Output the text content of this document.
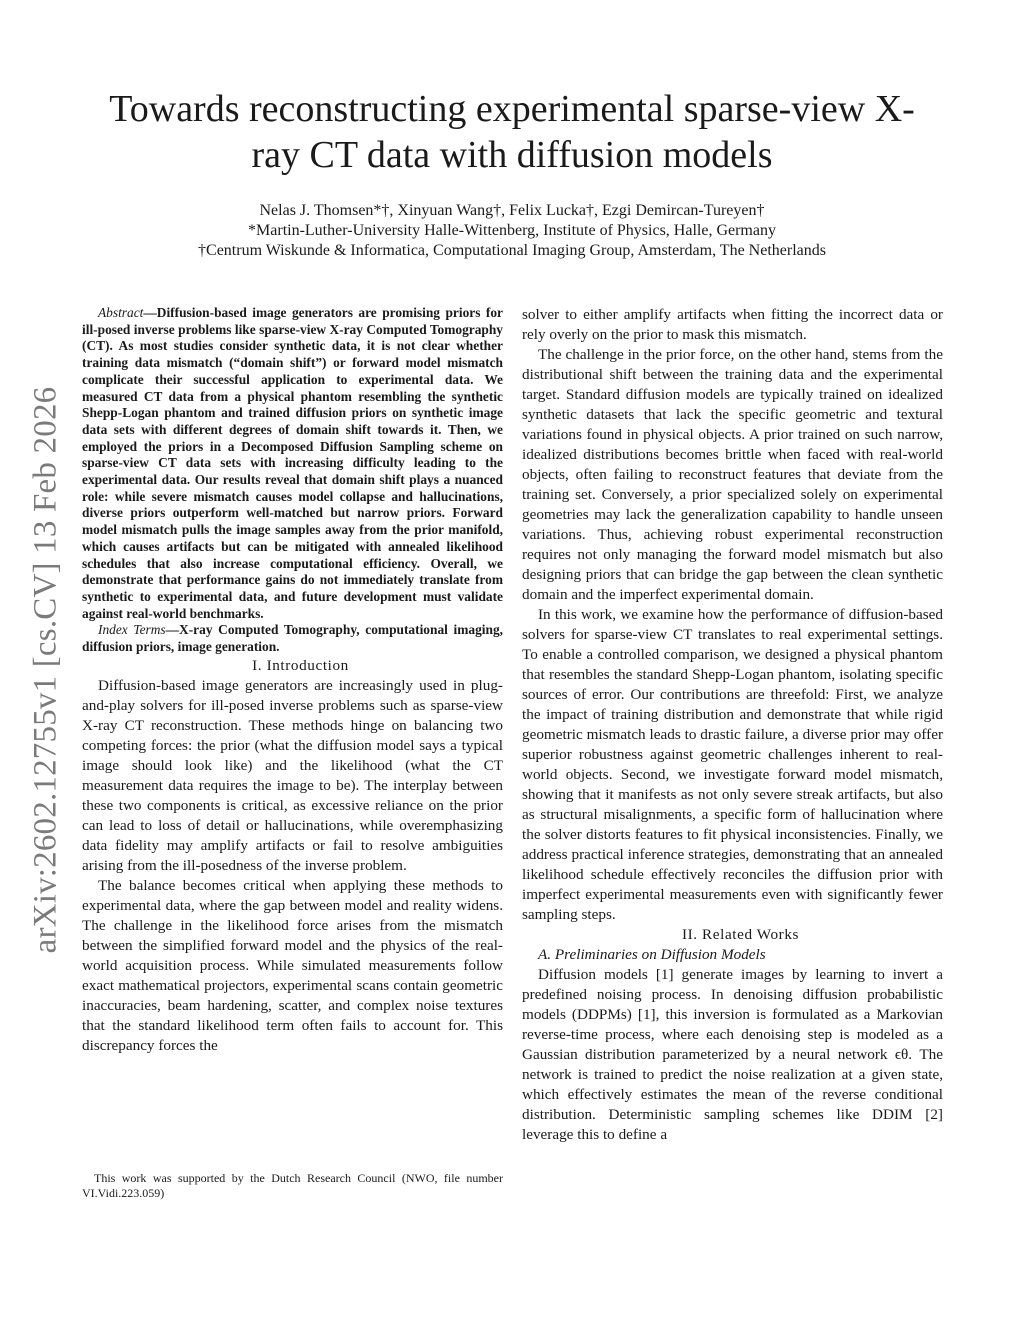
arXiv:2602.12755v1 [cs.CV] 13 Feb 2026
Towards reconstructing experimental sparse-view X-ray CT data with diffusion models
Nelas J. Thomsen*†, Xinyuan Wang†, Felix Lucka†, Ezgi Demircan-Tureyen†
*Martin-Luther-University Halle-Wittenberg, Institute of Physics, Halle, Germany
†Centrum Wiskunde & Informatica, Computational Imaging Group, Amsterdam, The Netherlands

Abstract—Diffusion-based image generators are promising priors for ill-posed inverse problems like sparse-view X-ray Computed Tomography (CT). As most studies consider synthetic data, it is not clear whether training data mismatch (“domain shift”) or forward model mismatch complicate their successful application to experimental data. We measured CT data from a physical phantom resembling the synthetic Shepp-Logan phantom and trained diffusion priors on synthetic image data sets with different degrees of domain shift towards it. Then, we employed the priors in a Decomposed Diffusion Sampling scheme on sparse-view CT data sets with increasing difficulty leading to the experimental data. Our results reveal that domain shift plays a nuanced role: while severe mismatch causes model collapse and hallucinations, diverse priors outperform well-matched but narrow priors. Forward model mismatch pulls the image samples away from the prior manifold, which causes artifacts but can be mitigated with annealed likelihood schedules that also increase computational efficiency. Overall, we demonstrate that performance gains do not immediately translate from synthetic to experimental data, and future development must validate against real-world benchmarks.

Index Terms—X-ray Computed Tomography, computational imaging, diffusion priors, image generation.

I. Introduction

Diffusion-based image generators are increasingly used in plug-and-play solvers for ill-posed inverse problems such as sparse-view X-ray CT reconstruction. These methods hinge on balancing two competing forces: the prior (what the diffusion model says a typical image should look like) and the likelihood (what the CT measurement data requires the image to be). The interplay between these two components is critical, as excessive reliance on the prior can lead to loss of detail or hallucinations, while overemphasizing data fidelity may amplify artifacts or fail to resolve ambiguities arising from the ill-posedness of the inverse problem.

The balance becomes critical when applying these methods to experimental data, where the gap between model and reality widens. The challenge in the likelihood force arises from the mismatch between the simplified forward model and the physics of the real-world acquisition process. While simulated measurements follow exact mathematical projectors, experimental scans contain geometric inaccuracies, beam hardening, scatter, and complex noise textures that the standard likelihood term often fails to account for. This discrepancy forces the

solver to either amplify artifacts when fitting the incorrect data or rely overly on the prior to mask this mismatch.

The challenge in the prior force, on the other hand, stems from the distributional shift between the training data and the experimental target. Standard diffusion models are typically trained on idealized synthetic datasets that lack the specific geometric and textural variations found in physical objects. A prior trained on such narrow, idealized distributions becomes brittle when faced with real-world objects, often failing to reconstruct features that deviate from the training set. Conversely, a prior specialized solely on experimental geometries may lack the generalization capability to handle unseen variations. Thus, achieving robust experimental reconstruction requires not only managing the forward model mismatch but also designing priors that can bridge the gap between the clean synthetic domain and the imperfect experimental domain.

In this work, we examine how the performance of diffusion-based solvers for sparse-view CT translates to real experimental settings. To enable a controlled comparison, we designed a physical phantom that resembles the standard Shepp-Logan phantom, isolating specific sources of error. Our contributions are threefold: First, we analyze the impact of training distribution and demonstrate that while rigid geometric mismatch leads to drastic failure, a diverse prior may offer superior robustness against geometric challenges inherent to real-world objects. Second, we investigate forward model mismatch, showing that it manifests as not only severe streak artifacts, but also as structural misalignments, a specific form of hallucination where the solver distorts features to fit physical inconsistencies. Finally, we address practical inference strategies, demonstrating that an annealed likelihood schedule effectively reconciles the diffusion prior with imperfect experimental measurements even with significantly fewer sampling steps.

II. Related Works

A. Preliminaries on Diffusion Models

Diffusion models [1] generate images by learning to invert a predefined noising process. In denoising diffusion probabilistic models (DDPMs) [1], this inversion is formulated as a Markovian reverse-time process, where each denoising step is modeled as a Gaussian distribution parameterized by a neural network ϵθ. The network is trained to predict the noise realization at a given state, which effectively estimates the mean of the reverse conditional distribution. Deterministic sampling schemes like DDIM [2] leverage this to define a

This work was supported by the Dutch Research Council (NWO, file number VI.Vidi.223.059)
